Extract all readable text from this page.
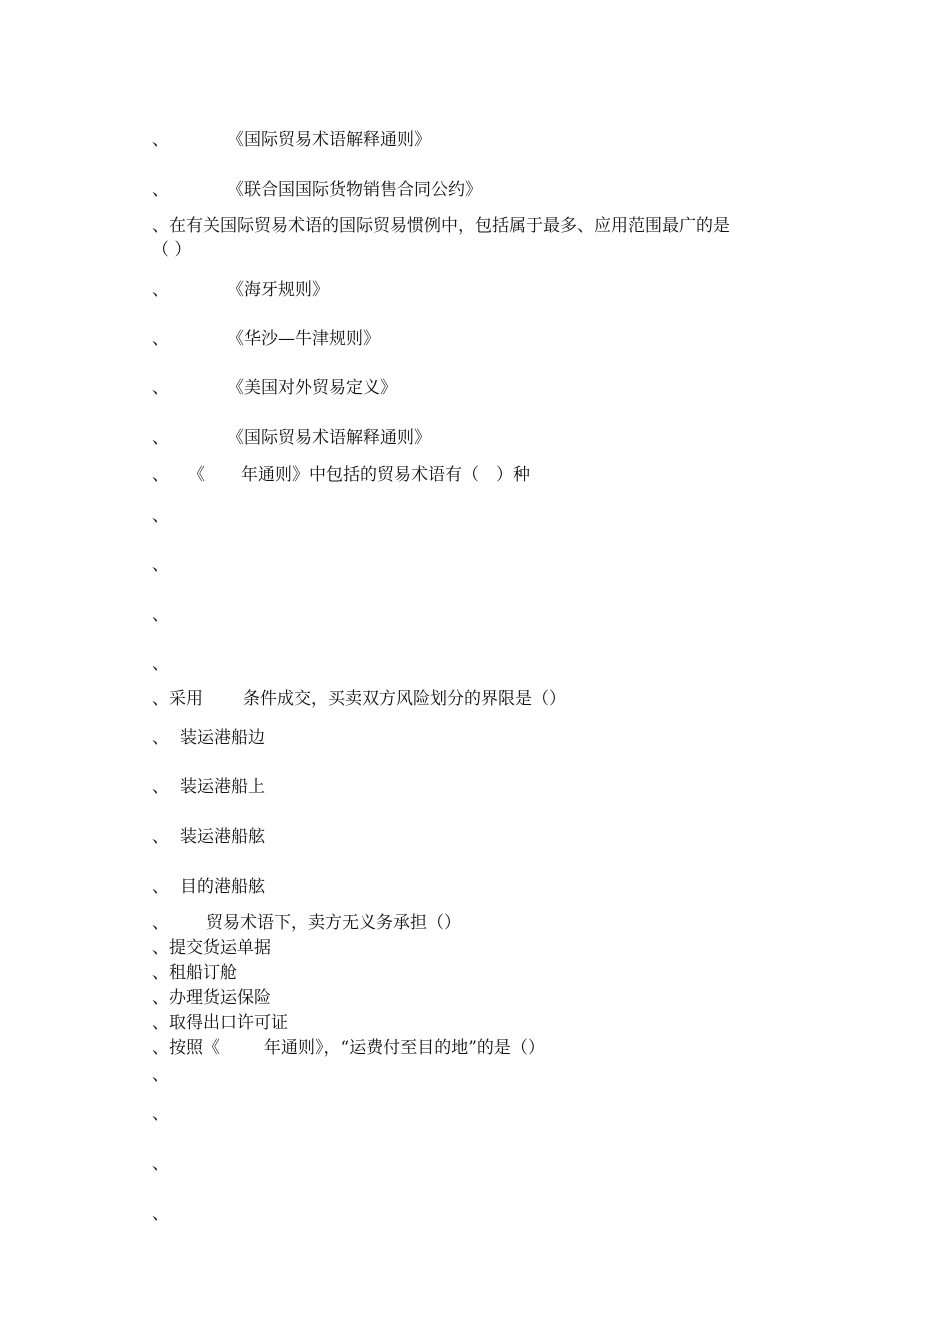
、	《国际贸易术语解释通则》
、	《联合国国际货物销售合同公约》
、在有关国际贸易术语的国际贸易惯例中，包括属于最多、应用范围最广的是
（ ）
、	《海牙规则》
、	《华沙—牛津规则》
、	《美国对外贸易定义》
、	《国际贸易术语解释通则》
、 《 年通则》中包括的贸易术语有（　）种
、
、
、
、
、采用 条件成交，买卖双方风险划分的界限是（）
、 装运港船边
、 装运港船上
、 装运港船舷
、 目的港船舷
、 贸易术语下，卖方无义务承担（）
、提交货运单据
、租船订舱
、办理货运保险
、取得出口许可证
、按照《	年通则》，“运费付至目的地”的是（）
、
、
、
、
